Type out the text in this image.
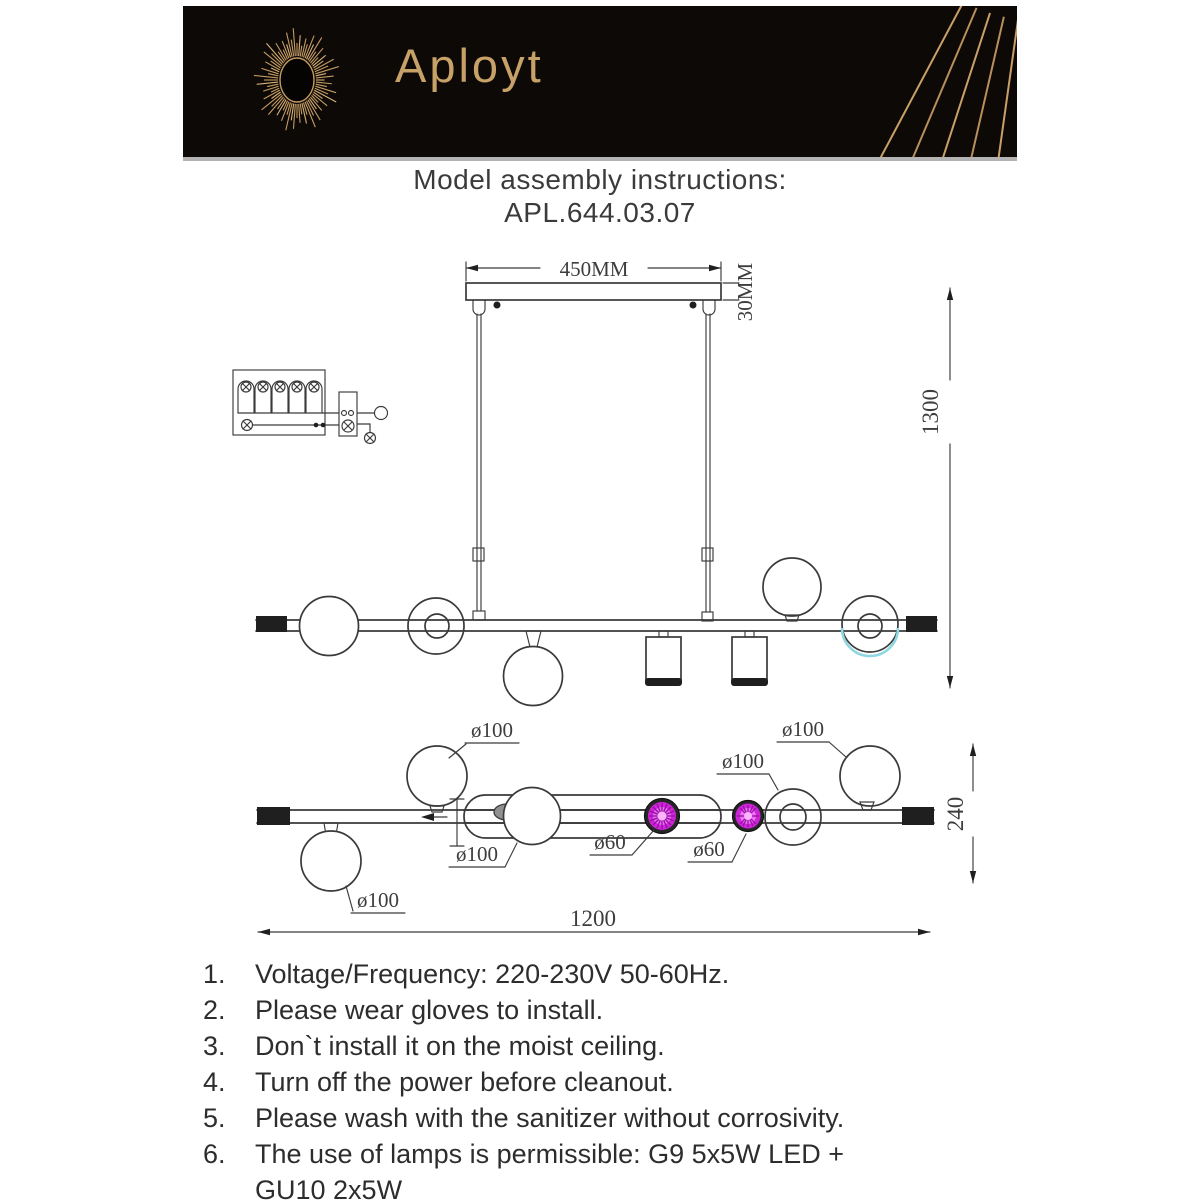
Aployt
Model assembly instructions:
APL.644.03.07
450MM	30MM
1300
ø100
ø100
ø100	ø60	ø60
ø100
ø100
240
1200
1.	Voltage/Frequency: 220-230V 50-60Hz.
2.	Please wear gloves to install.
3.	Don`t install it on the moist ceiling.
4.	Turn off the power before cleanout.
5.	Please wash with the sanitizer without corrosivity.
6.	The use of lamps is permissible: G9 5x5W LED +
GU10 2x5W
